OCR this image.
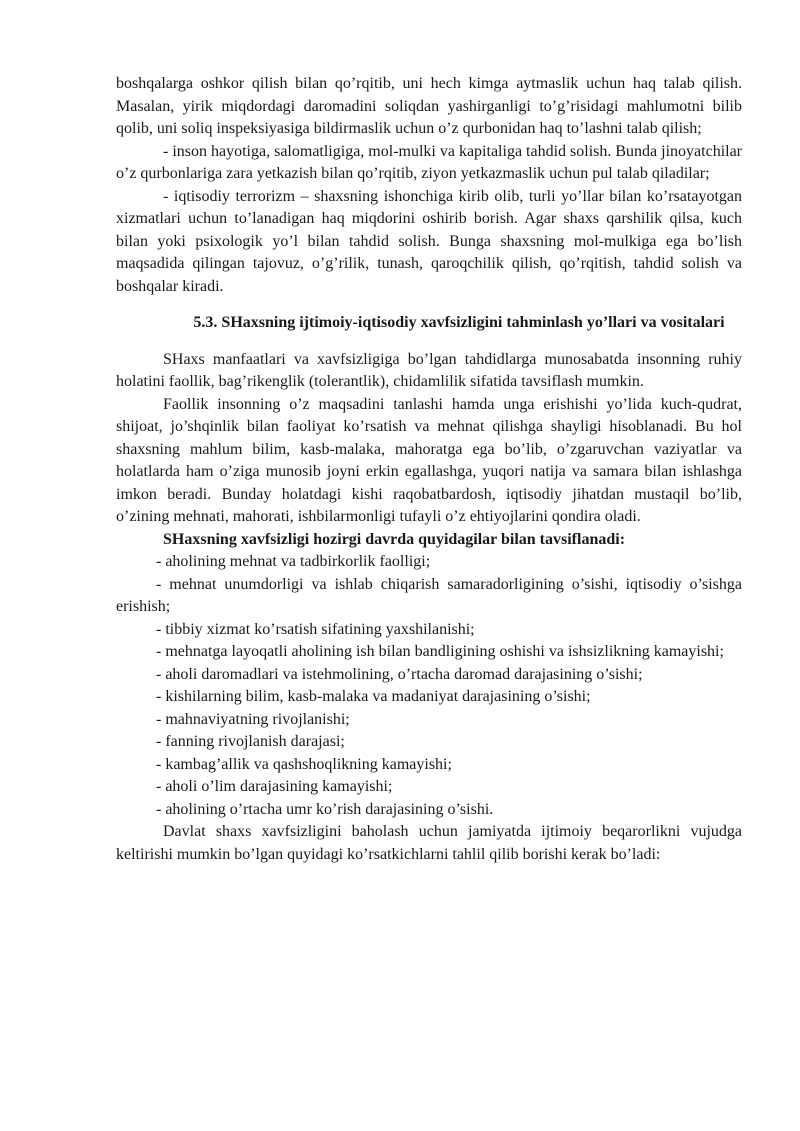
boshqalarga oshkor qilish bilan qo’rqitib, uni hech kimga aytmaslik uchun haq talab qilish. Masalan, yirik miqdordagi daromadini soliqdan yashirganligi to’g’risidagi mahlumotni bilib qolib, uni soliq inspeksiyasiga bildirmaslik uchun o’z qurbonidan haq to’lashni talab qilish;

- inson hayotiga, salomatligiga, mol-mulki va kapitaliga tahdid solish. Bunda jinoyatchilar o’z qurbonlariga zara yetkazish bilan qo’rqitib, ziyon yetkazmaslik uchun pul talab qiladilar;

- iqtisodiy terrorizm – shaxsning ishonchiga kirib olib, turli yo’llar bilan ko’rsatayotgan xizmatlari uchun to’lanadigan haq miqdorini oshirib borish. Agar shaxs qarshilik qilsa, kuch bilan yoki psixologik yo’l bilan tahdid solish. Bunga shaxsning mol-mulkiga ega bo’lish maqsadida qilingan tajovuz, o’g’rilik, tunash, qaroqchilik qilish, qo’rqitish, tahdid solish va boshqalar kiradi.

5.3. SHaxsning ijtimoiy-iqtisodiy xavfsizligini tahminlash yo’llari va vositalari

SHaxs manfaatlari va xavfsizligiga bo’lgan tahdidlarga munosabatda insonning ruhiy holatini faollik, bag’rikenglik (tolerantlik), chidamlilik sifatida tavsiflash mumkin.

Faollik insonning o’z maqsadini tanlashi hamda unga erishishi yo’lida kuch-qudrat, shijoat, jo’shqinlik bilan faoliyat ko’rsatish va mehnat qilishga shayligi hisoblanadi. Bu hol shaxsning mahlum bilim, kasb-malaka, mahoratga ega bo’lib, o’zgaruvchan vaziyatlar va holatlarda ham o’ziga munosib joyni erkin egallashga, yuqori natija va samara bilan ishlashga imkon beradi. Bunday holatdagi kishi raqobatbardosh, iqtisodiy jihatdan mustaqil bo’lib, o’zining mehnati, mahorati, ishbilarmonligi tufayli o’z ehtiyojlarini qondira oladi.

SHaxsning xavfsizligi hozirgi davrda quyidagilar bilan tavsiflanadi:

- aholining mehnat va tadbirkorlik faolligi;

- mehnat unumdorligi va ishlab chiqarish samaradorligining o’sishi, iqtisodiy o’sishga erishish;

- tibbiy xizmat ko’rsatish sifatining yaxshilanishi;

- mehnatga layoqatli aholining ish bilan bandligining oshishi va ishsizlikning kamayishi;

- aholi daromadlari va istehmolining, o’rtacha daromad darajasining o’sishi;

- kishilarning bilim, kasb-malaka va madaniyat darajasining o’sishi;

- mahnaviyatning rivojlanishi;

- fanning rivojlanish darajasi;

- kambag’allik va qashshoqlikning kamayishi;

- aholi o’lim darajasining kamayishi;

- aholining o’rtacha umr ko’rish darajasining o’sishi.

Davlat shaxs xavfsizligini baholash uchun jamiyatda ijtimoiy beqarorlikni vujudga keltirishi mumkin bo’lgan quyidagi ko’rsatkichlarni tahlil qilib borishi kerak bo’ladi:
